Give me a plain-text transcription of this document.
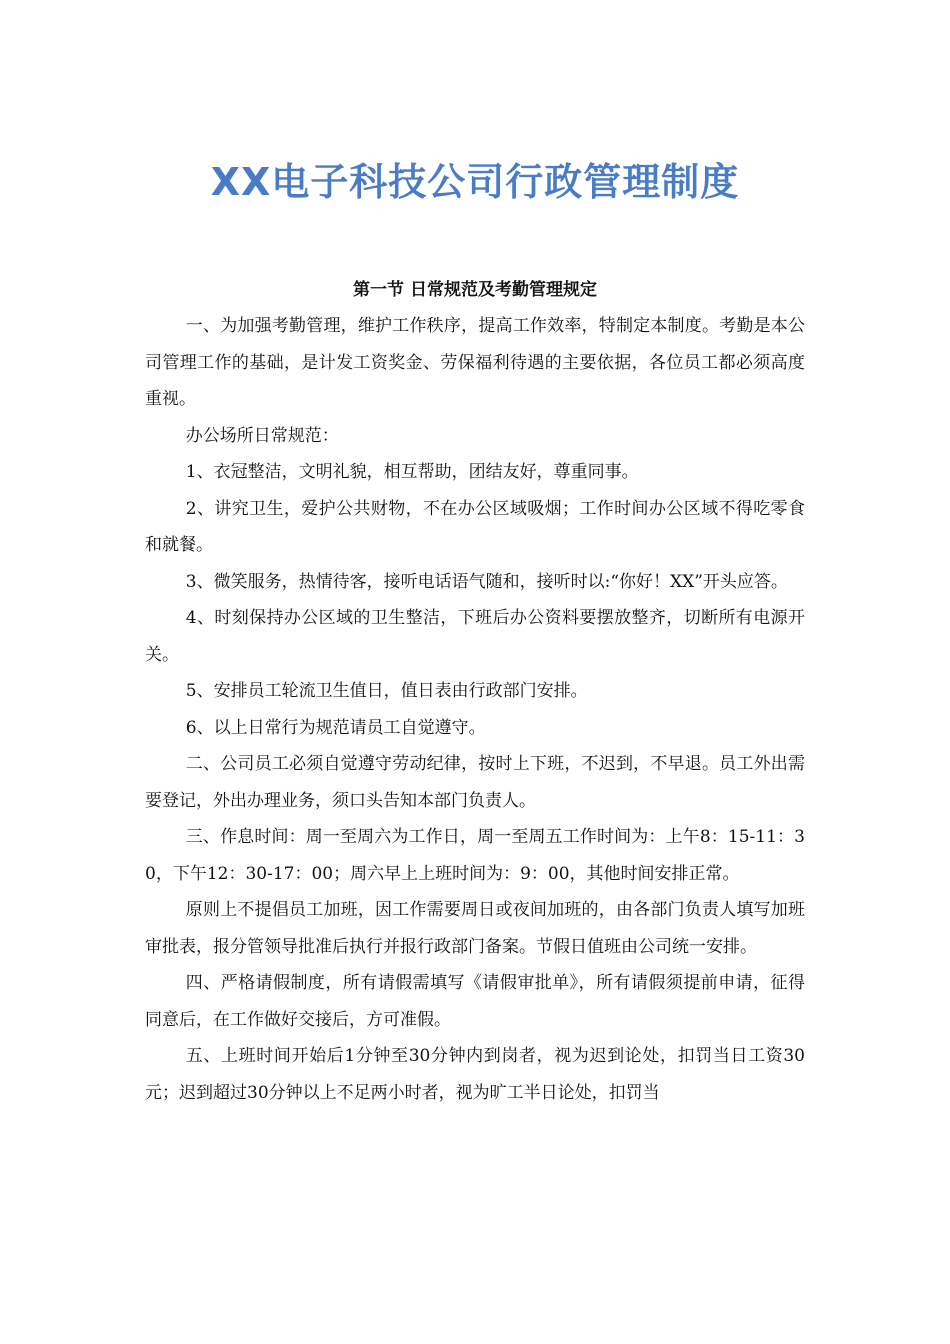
XX电子科技公司行政管理制度
第一节 日常规范及考勤管理规定

一、为加强考勤管理，维护工作秩序，提高工作效率，特制定本制度。考勤是本公司管理工作的基础，是计发工资奖金、劳保福利待遇的主要依据，各位员工都必须高度重视。

办公场所日常规范：

1、衣冠整洁，文明礼貌，相互帮助，团结友好，尊重同事。

2、讲究卫生，爱护公共财物，不在办公区域吸烟；工作时间办公区域不得吃零食和就餐。

3、微笑服务，热情待客，接听电话语气随和，接听时以:“你好！XX”开头应答。

4、时刻保持办公区域的卫生整洁，下班后办公资料要摆放整齐，切断所有电源开关。

5、安排员工轮流卫生值日，值日表由行政部门安排。

6、以上日常行为规范请员工自觉遵守。

二、公司员工必须自觉遵守劳动纪律，按时上下班，不迟到，不早退。员工外出需要登记，外出办理业务，须口头告知本部门负责人。

三、作息时间：周一至周六为工作日，周一至周五工作时间为：上午8：15-11：30，下午12：30-17：00；周六早上上班时间为：9：00，其他时间安排正常。

原则上不提倡员工加班，因工作需要周日或夜间加班的，由各部门负责人填写加班审批表，报分管领导批准后执行并报行政部门备案。节假日值班由公司统一安排。

四、严格请假制度，所有请假需填写《请假审批单》，所有请假须提前申请，征得同意后，在工作做好交接后，方可准假。

五、上班时间开始后1分钟至30分钟内到岗者，视为迟到论处，扣罚当日工资30元；迟到超过30分钟以上不足两小时者，视为旷工半日论处，扣罚当
